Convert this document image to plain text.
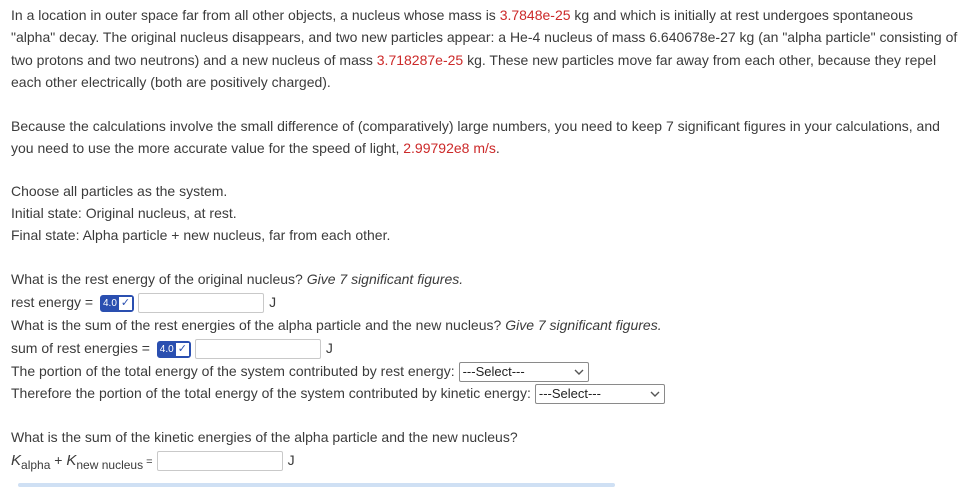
In a location in outer space far from all other objects, a nucleus whose mass is 3.7848e-25 kg and which is initially at rest undergoes spontaneous "alpha" decay. The original nucleus disappears, and two new particles appear: a He-4 nucleus of mass 6.640678e-27 kg (an "alpha particle" consisting of two protons and two neutrons) and a new nucleus of mass 3.718287e-25 kg. These new particles move far away from each other, because they repel each other electrically (both are positively charged).
Because the calculations involve the small difference of (comparatively) large numbers, you need to keep 7 significant figures in your calculations, and you need to use the more accurate value for the speed of light, 2.99792e8 m/s.
Choose all particles as the system.
Initial state: Original nucleus, at rest.
Final state: Alpha particle + new nucleus, far from each other.
What is the rest energy of the original nucleus? Give 7 significant figures.
rest energy = 4.0 ✓	J
What is the sum of the rest energies of the alpha particle and the new nucleus? Give 7 significant figures.
sum of rest energies = 4.0 ✓	J
The portion of the total energy of the system contributed by rest energy: ---Select---
Therefore the portion of the total energy of the system contributed by kinetic energy: ---Select---
What is the sum of the kinetic energies of the alpha particle and the new nucleus?
$K_{alpha} + K_{new nucleus}$ =	J
